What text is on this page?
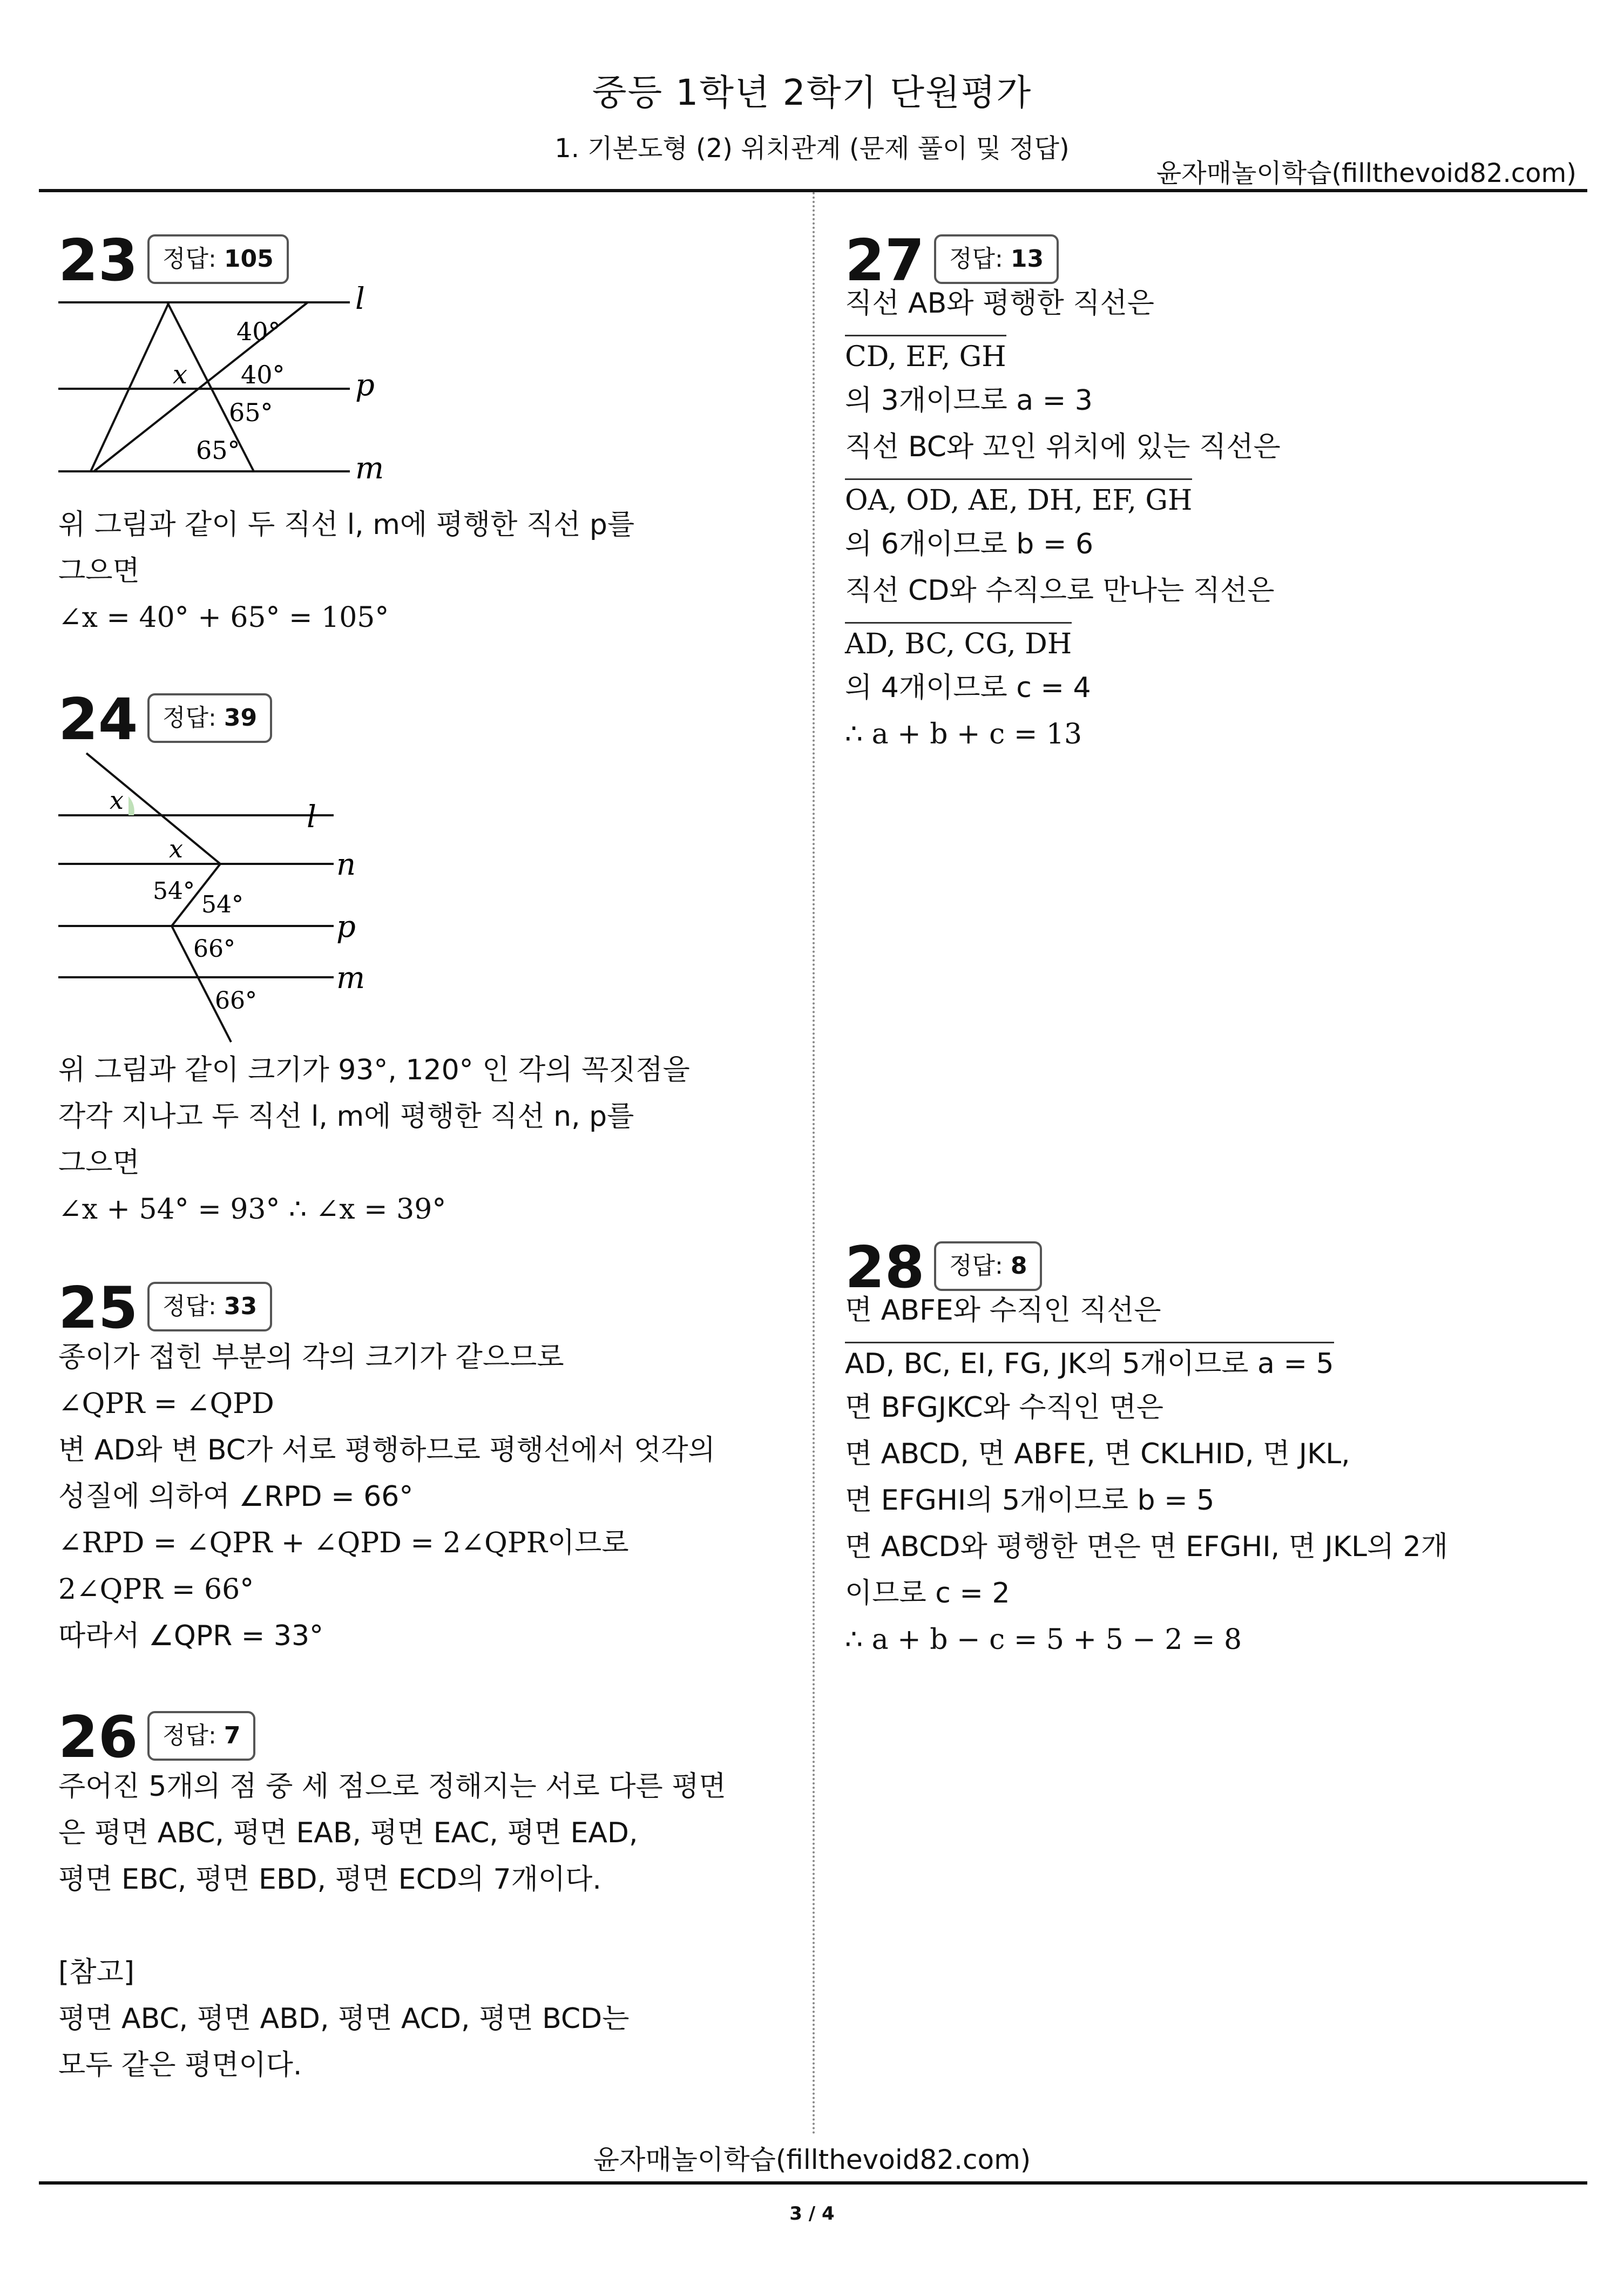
중등 1학년 2학기 단원평가
1. 기본도형 (2) 위치관계 (문제 풀이 및 정답)
윤자매놀이학습(fillthevoid82.com)
23	정답: 105
l
p
m
x
40°
40°
65°
65°
위 그림과 같이 두 직선 l, m에 평행한 직선 p를
그으면
∠x = 40° + 65° = 105°
24	정답: 39
l
n
p
m
x
x
54° 54°
66°
66°
위 그림과 같이 크기가 93°, 120° 인 각의 꼭짓점을
각각 지나고 두 직선 l, m에 평행한 직선 n, p를
그으면
∠x + 54° = 93° ∴ ∠x = 39°
25	정답: 33
종이가 접힌 부분의 각의 크기가 같으므로
∠QPR = ∠QPD
변 AD와 변 BC가 서로 평행하므로 평행선에서 엇각의
성질에 의하여 ∠RPD = 66°
∠RPD = ∠QPR + ∠QPD = 2∠QPR이므로
2∠QPR = 66°
따라서 ∠QPR = 33°
26	정답: 7
주어진 5개의 점 중 세 점으로 정해지는 서로 다른 평면
은 평면 ABC, 평면 EAB, 평면 EAC, 평면 EAD,
평면 EBC, 평면 EBD, 평면 ECD의 7개이다.
[참고]
평면 ABC, 평면 ABD, 평면 ACD, 평면 BCD는
모두 같은 평면이다.
27	정답: 13
직선 AB와 평행한 직선은
CD, EF, GH
의 3개이므로 a = 3
직선 BC와 꼬인 위치에 있는 직선은
OA, OD, AE, DH, EF, GH
의 6개이므로 b = 6
직선 CD와 수직으로 만나는 직선은
AD, BC, CG, DH
의 4개이므로 c = 4
∴ a + b + c = 13
28	정답: 8
면 ABFE와 수직인 직선은
AD, BC, EI, FG, JK의 5개이므로 a = 5
면 BFGJKC와 수직인 면은
면 ABCD, 면 ABFE, 면 CKLHID, 면 JKL,
면 EFGHI의 5개이므로 b = 5
면 ABCD와 평행한 면은 면 EFGHI, 면 JKL의 2개
이므로 c = 2
∴ a + b − c = 5 + 5 − 2 = 8
윤자매놀이학습(fillthevoid82.com)
3 / 4
